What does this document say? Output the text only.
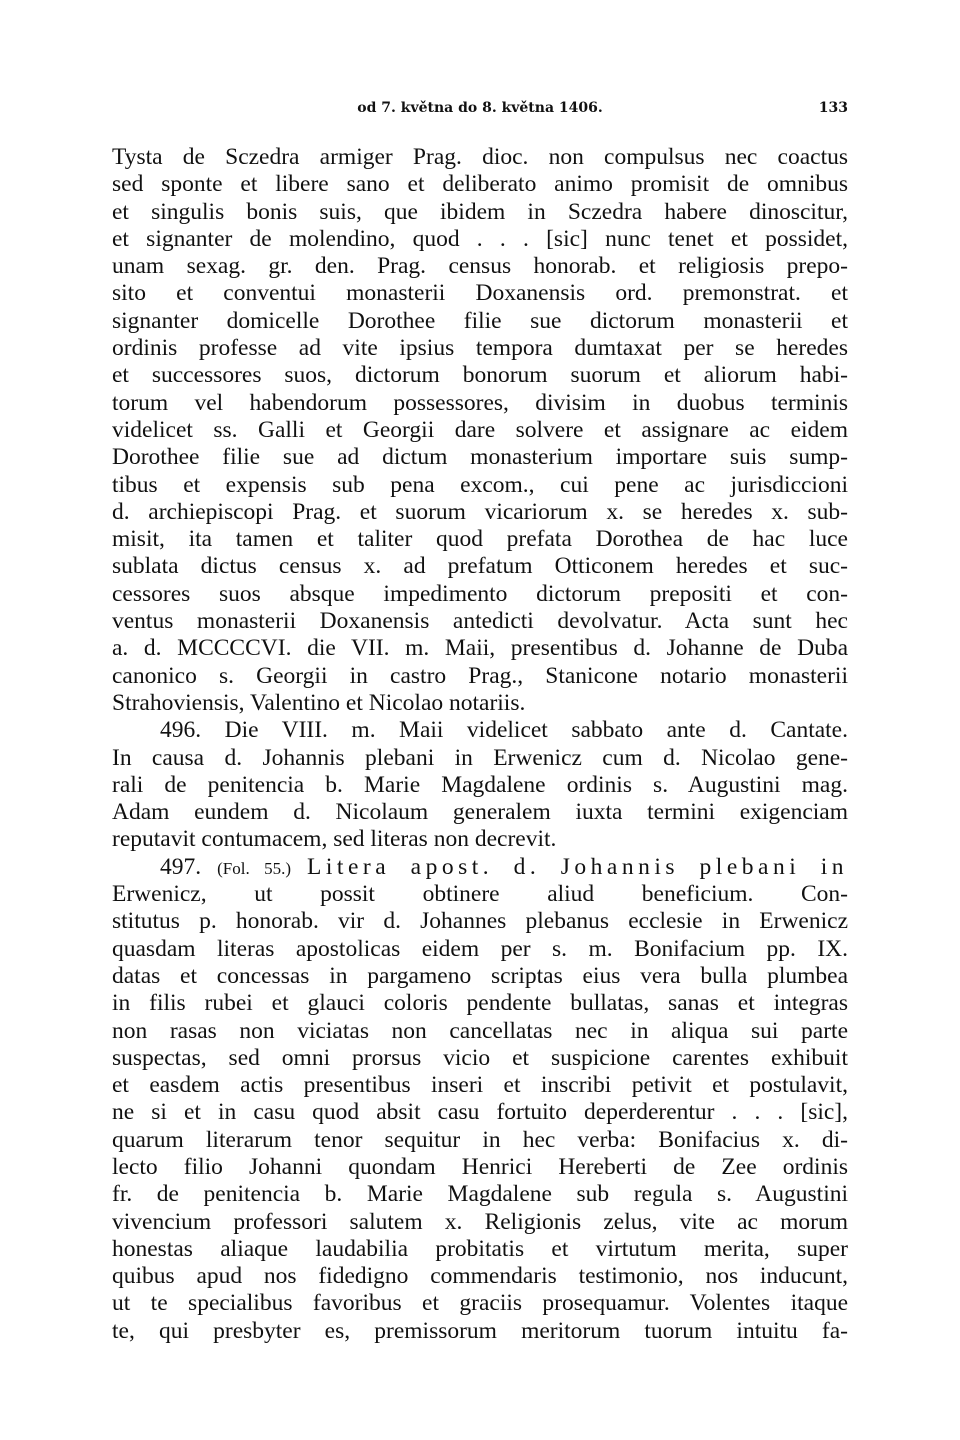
od 7. května do 8. května 1406.	133
Tysta de Sczedra armiger Prag. dioc. non compulsus nec coactus
sed sponte et libere sano et deliberato animo promisit de omnibus
et singulis bonis suis, que ibidem in Sczedra habere dinoscitur,
et signanter de molendino, quod . . . [sic] nunc tenet et possidet,
unam sexag. gr. den. Prag. census honorab. et religiosis prepo-
sito et conventui monasterii Doxanensis ord. premonstrat. et
signanter domicelle Dorothee filie sue dictorum monasterii et
ordinis professe ad vite ipsius tempora dumtaxat per se heredes
et successores suos, dictorum bonorum suorum et aliorum habi-
torum vel habendorum possessores, divisim in duobus terminis
videlicet ss. Galli et Georgii dare solvere et assignare ac eidem
Dorothee filie sue ad dictum monasterium importare suis sump-
tibus et expensis sub pena excom., cui pene ac jurisdiccioni
d. archiepiscopi Prag. et suorum vicariorum x. se heredes x. sub-
misit, ita tamen et taliter quod prefata Dorothea de hac luce
sublata dictus census x. ad prefatum Otticonem heredes et suc-
cessores suos absque impedimento dictorum prepositi et con-
ventus monasterii Doxanensis antedicti devolvatur. Acta sunt hec
a. d. MCCCCVI. die VII. m. Maii, presentibus d. Johanne de Duba
canonico s. Georgii in castro Prag., Stanicone notario monasterii
Strahoviensis, Valentino et Nicolao notariis.
496. Die VIII. m. Maii videlicet sabbato ante d. Cantate.
In causa d. Johannis plebani in Erwenicz cum d. Nicolao gene-
rali de penitencia b. Marie Magdalene ordinis s. Augustini mag.
Adam eundem d. Nicolaum generalem iuxta termini exigenciam
reputavit contumacem, sed literas non decrevit.
497. (Fol. 55.) Litera apost. d. Johannis plebani in
Erwenicz, ut possit obtinere aliud beneficium. Con-
stitutus p. honorab. vir d. Johannes plebanus ecclesie in Erwenicz
quasdam literas apostolicas eidem per s. m. Bonifacium pp. IX.
datas et concessas in pargameno scriptas eius vera bulla plumbea
in filis rubei et glauci coloris pendente bullatas, sanas et integras
non rasas non viciatas non cancellatas nec in aliqua sui parte
suspectas, sed omni prorsus vicio et suspicione carentes exhibuit
et easdem actis presentibus inseri et inscribi petivit et postulavit,
ne si et in casu quod absit casu fortuito deperderentur . . . [sic],
quarum literarum tenor sequitur in hec verba: Bonifacius x. di-
lecto filio Johanni quondam Henrici Hereberti de Zee ordinis
fr. de penitencia b. Marie Magdalene sub regula s. Augustini
vivencium professori salutem x. Religionis zelus, vite ac morum
honestas aliaque laudabilia probitatis et virtutum merita, super
quibus apud nos fidedigno commendaris testimonio, nos inducunt,
ut te specialibus favoribus et graciis prosequamur. Volentes itaque
te, qui presbyter es, premissorum meritorum tuorum intuitu fa-
